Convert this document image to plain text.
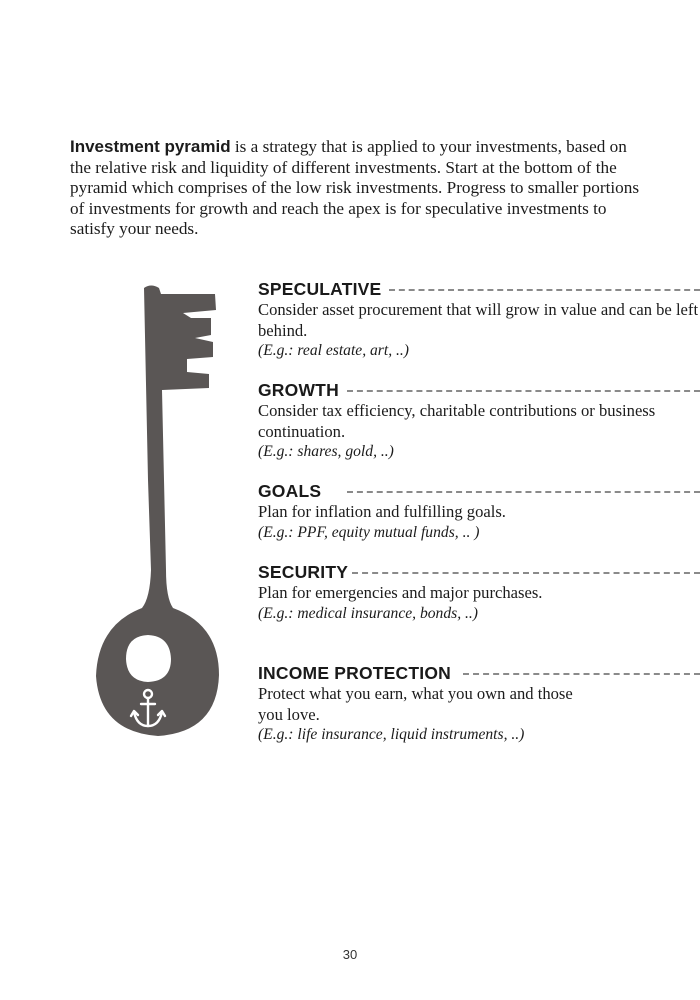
Investment pyramid is a strategy that is applied to your investments, based on the relative risk and liquidity of different investments. Start at the bottom of the pyramid which comprises of the low risk investments. Progress to smaller portions of investments for growth and reach the apex is for speculative investments to satisfy your needs.
SPECULATIVE
Consider asset procurement that will grow in value and can be left behind.
(E.g.: real estate, art, ..)
GROWTH
Consider tax efficiency, charitable contributions or business continuation.
(E.g.: shares, gold, ..)
GOALS
Plan for inflation and fulfilling goals.
(E.g.: PPF, equity mutual funds, .. )
SECURITY
Plan for emergencies and major purchases.
(E.g.: medical insurance, bonds, ..)
INCOME PROTECTION
Protect what you earn, what you own and those you love.
(E.g.: life insurance, liquid instruments, ..)
30
